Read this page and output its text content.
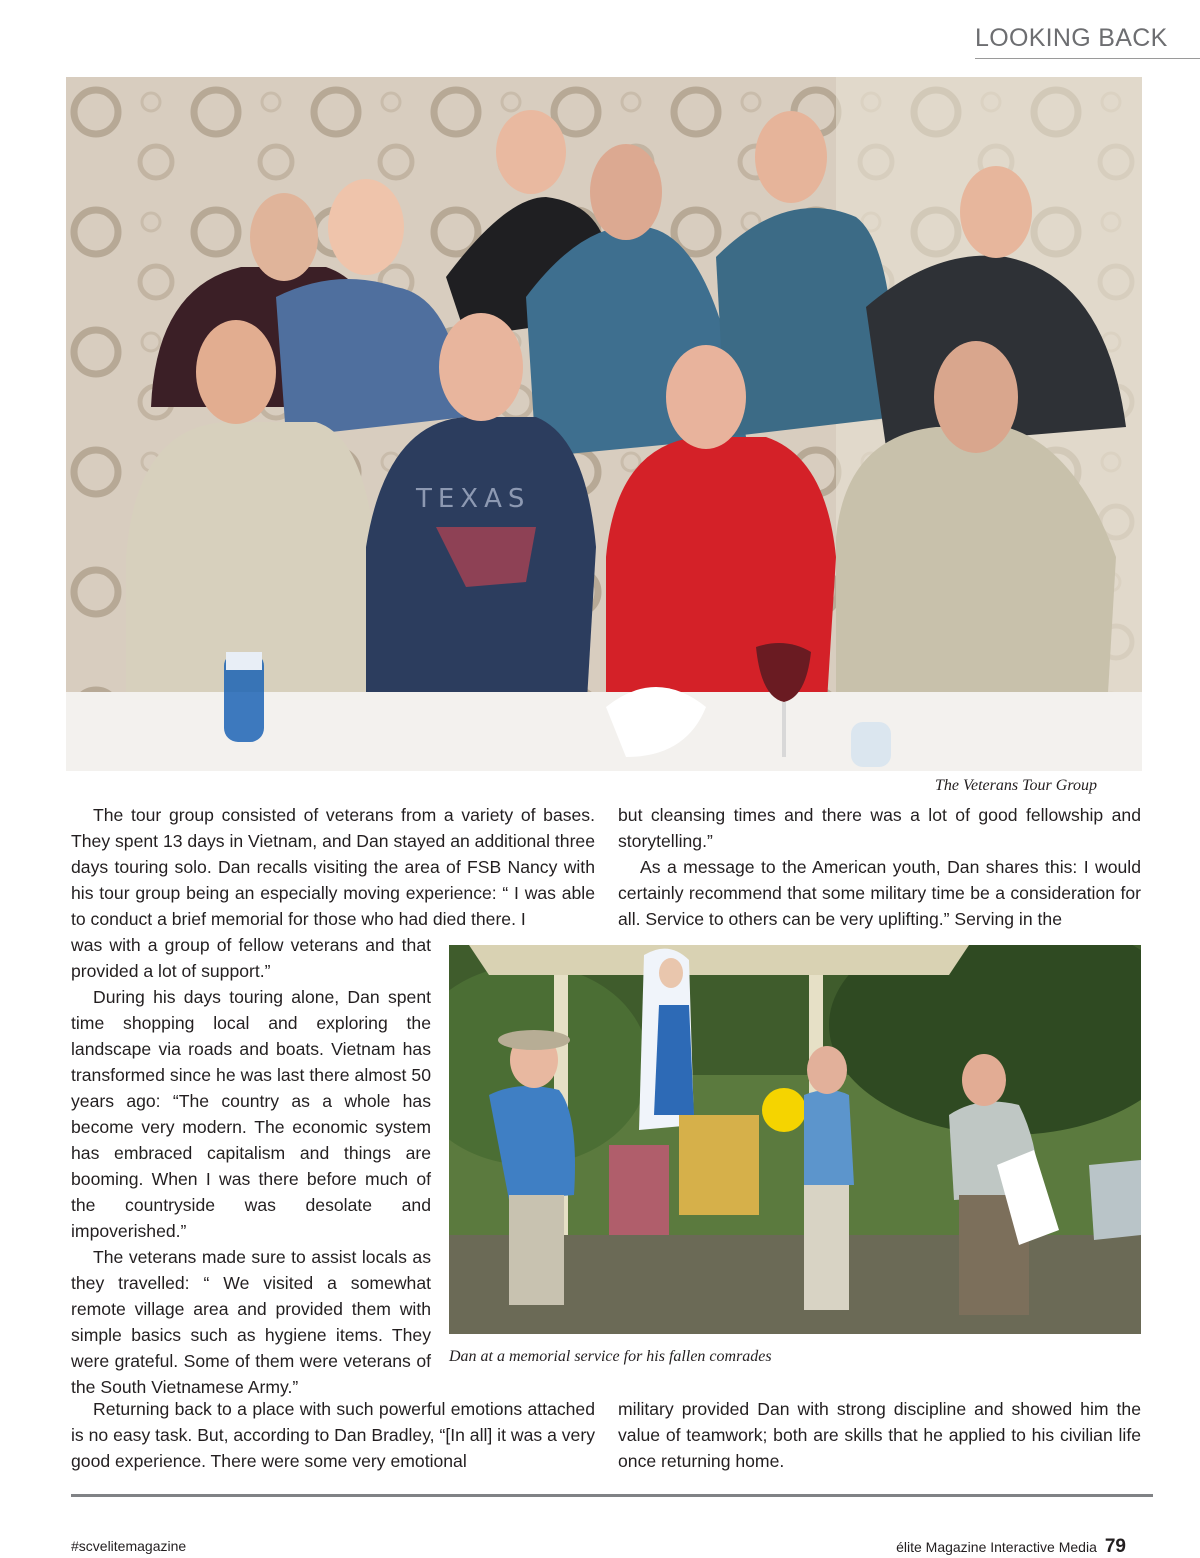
LOOKING BACK
TEXAS
The Veterans Tour Group

The tour group consisted of veterans from a variety of bases. They spent 13 days in Vietnam, and Dan stayed an additional three days touring solo. Dan recalls visiting the area of FSB Nancy with his tour group being an especially moving experience: “ I was able to conduct a brief memorial for those who had died there. I

but cleansing times and there was a lot of good fellowship and storytelling.”

As a message to the American youth, Dan shares this: I would certainly recommend that some military time be a consideration for all. Service to others can be very uplifting.” Serving in the

was with a group of fellow veterans and that provided a lot of support.”

During his days touring alone, Dan spent time shopping local and exploring the landscape via roads and boats. Vietnam has transformed since he was last there almost 50 years ago: “The country as a whole has become very modern. The economic system has embraced capitalism and things are booming. When I was there before much of the countryside was desolate and impoverished.”

The veterans made sure to assist locals as they travelled: “ We visited a somewhat remote village area and provided them with simple basics such as hygiene items. They were grateful. Some of them were veterans of the South Vietnamese Army.”

Dan at a memorial service for his fallen comrades

Returning back to a place with such powerful emotions attached is no easy task. But, according to Dan Bradley, “[In all] it was a very good experience. There were some very emotional

military provided Dan with strong discipline and showed him the value of teamwork; both are skills that he applied to his civilian life once returning home.

#scvelitemagazine	élite Magazine Interactive Media 79
